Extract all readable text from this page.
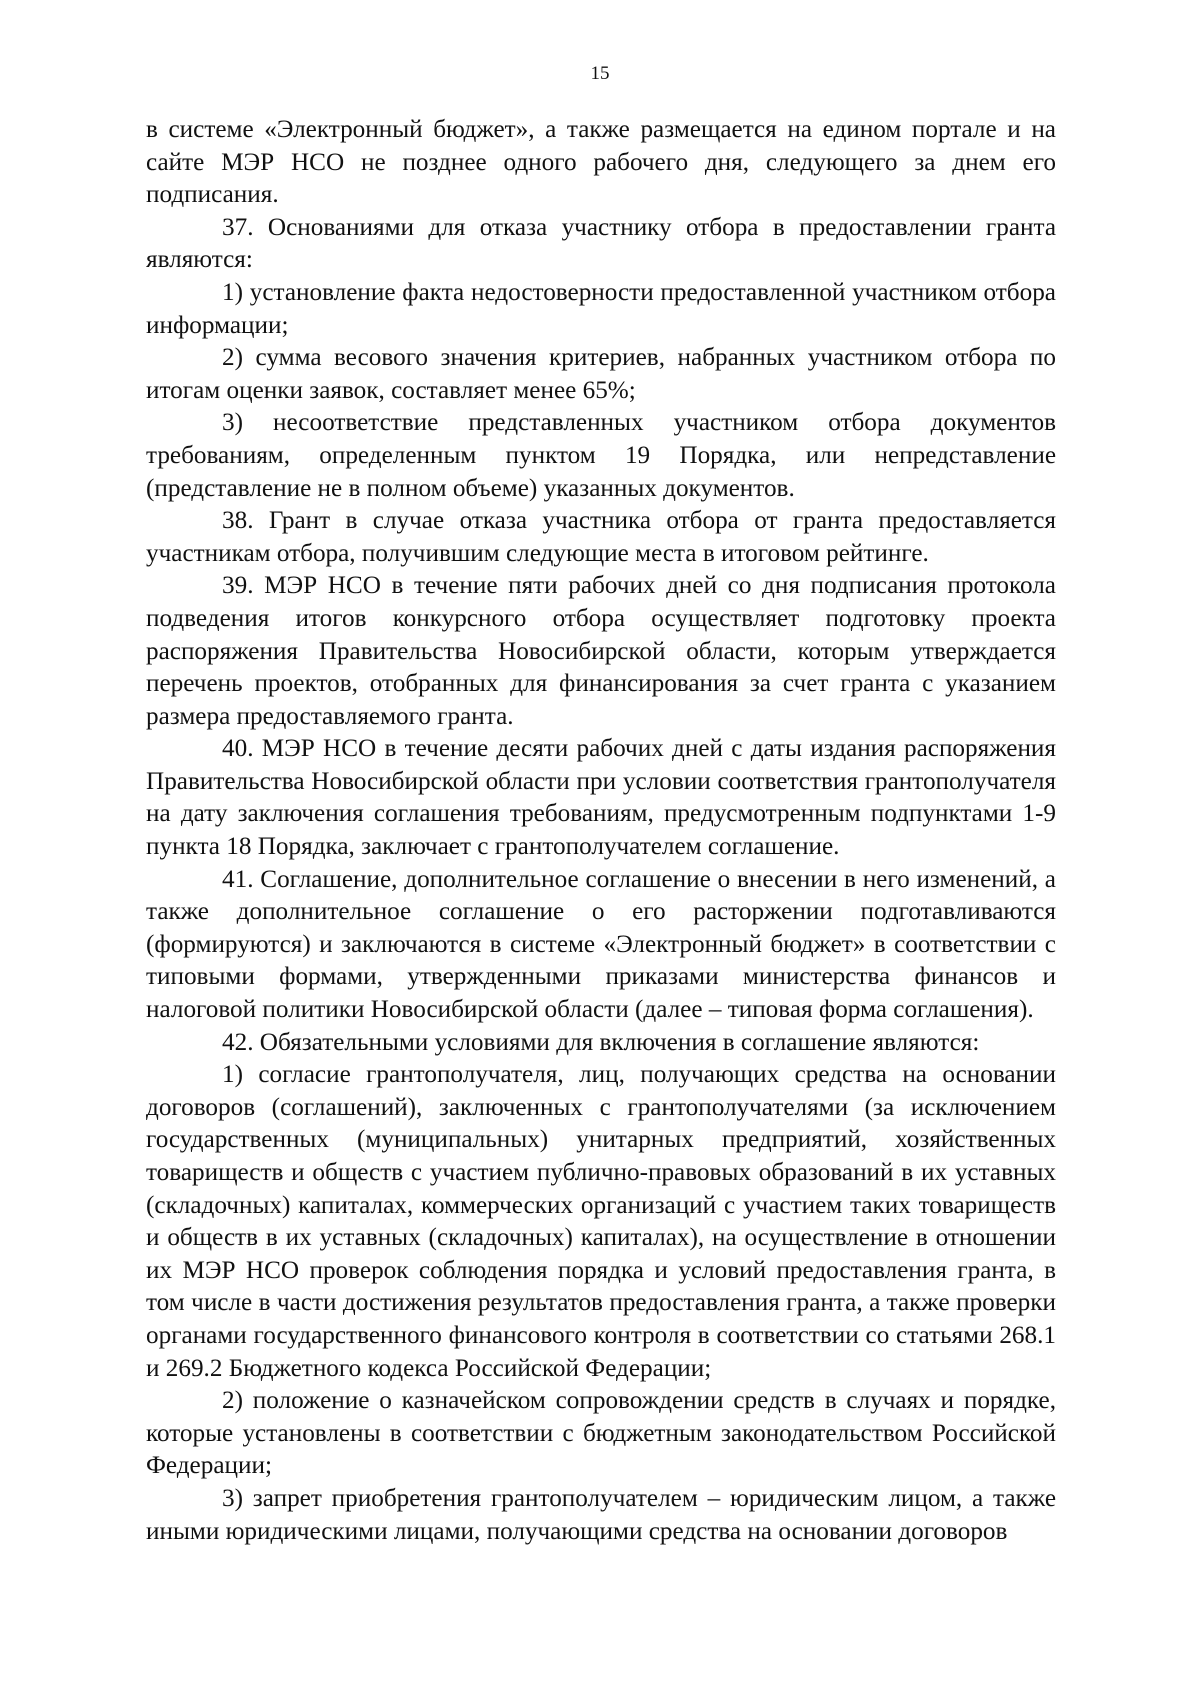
15

в системе «Электронный бюджет», а также размещается на едином портале и на сайте МЭР НСО не позднее одного рабочего дня, следующего за днем его подписания.

37. Основаниями для отказа участнику отбора в предоставлении гранта являются:

1) установление факта недостоверности предоставленной участником отбора информации;

2) сумма весового значения критериев, набранных участником отбора по итогам оценки заявок, составляет менее 65%;

3) несоответствие представленных участником отбора документов требованиям, определенным пунктом 19 Порядка, или непредставление (представление не в полном объеме) указанных документов.

38. Грант в случае отказа участника отбора от гранта предоставляется участникам отбора, получившим следующие места в итоговом рейтинге.

39. МЭР НСО в течение пяти рабочих дней со дня подписания протокола подведения итогов конкурсного отбора осуществляет подготовку проекта распоряжения Правительства Новосибирской области, которым утверждается перечень проектов, отобранных для финансирования за счет гранта с указанием размера предоставляемого гранта.

40. МЭР НСО в течение десяти рабочих дней с даты издания распоряжения Правительства Новосибирской области при условии соответствия грантополучателя на дату заключения соглашения требованиям, предусмотренным подпунктами 1-9 пункта 18 Порядка, заключает с грантополучателем соглашение.

41. Соглашение, дополнительное соглашение о внесении в него изменений, а также дополнительное соглашение о его расторжении подготавливаются (формируются) и заключаются в системе «Электронный бюджет» в соответствии с типовыми формами, утвержденными приказами министерства финансов и налоговой политики Новосибирской области (далее – типовая форма соглашения).

42. Обязательными условиями для включения в соглашение являются:

1) согласие грантополучателя, лиц, получающих средства на основании договоров (соглашений), заключенных с грантополучателями (за исключением государственных (муниципальных) унитарных предприятий, хозяйственных товариществ и обществ с участием публично-правовых образований в их уставных (складочных) капиталах, коммерческих организаций с участием таких товариществ и обществ в их уставных (складочных) капиталах), на осуществление в отношении их МЭР НСО проверок соблюдения порядка и условий предоставления гранта, в том числе в части достижения результатов предоставления гранта, а также проверки органами государственного финансового контроля в соответствии со статьями 268.1 и 269.2 Бюджетного кодекса Российской Федерации;

2) положение о казначейском сопровождении средств в случаях и порядке, которые установлены в соответствии с бюджетным законодательством Российской Федерации;

3) запрет приобретения грантополучателем – юридическим лицом, а также иными юридическими лицами, получающими средства на основании договоров
